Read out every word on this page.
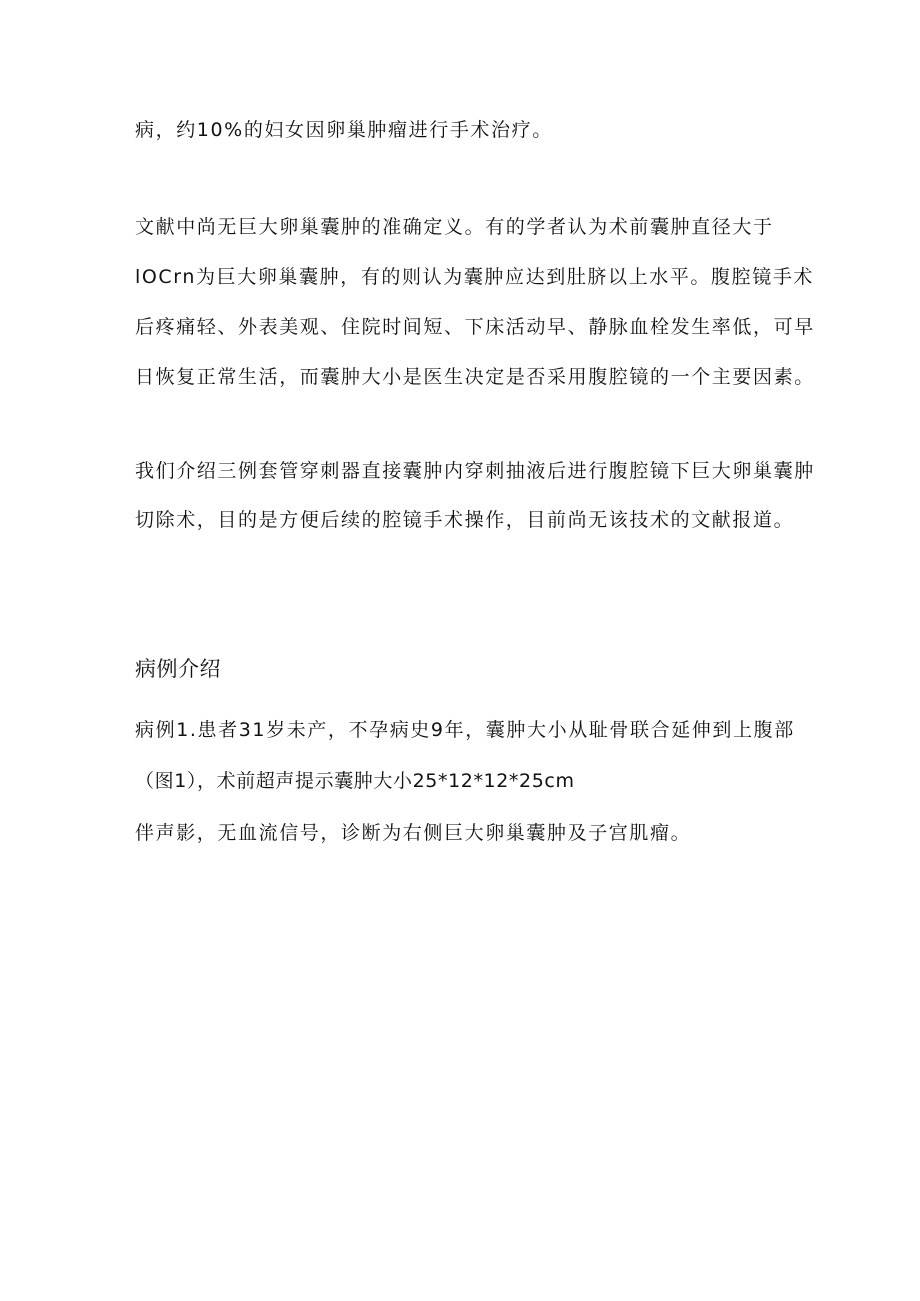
病，约10%的妇女因卵巢肿瘤进行手术治疗。
文献中尚无巨大卵巢囊肿的准确定义。有的学者认为术前囊肿直径大于
lOCrn为巨大卵巢囊肿，有的则认为囊肿应达到肚脐以上水平。腹腔镜手术
后疼痛轻、外表美观、住院时间短、下床活动早、静脉血栓发生率低，可早
日恢复正常生活，而囊肿大小是医生决定是否采用腹腔镜的一个主要因素。
我们介绍三例套管穿刺器直接囊肿内穿刺抽液后进行腹腔镜下巨大卵巢囊肿
切除术，目的是方便后续的腔镜手术操作，目前尚无该技术的文献报道。
病例介绍
病例1.患者31岁未产，不孕病史9年，囊肿大小从耻骨联合延伸到上腹部
（图1），术前超声提示囊肿大小25*12*12*25cm
伴声影，无血流信号，诊断为右侧巨大卵巢囊肿及子宫肌瘤。
